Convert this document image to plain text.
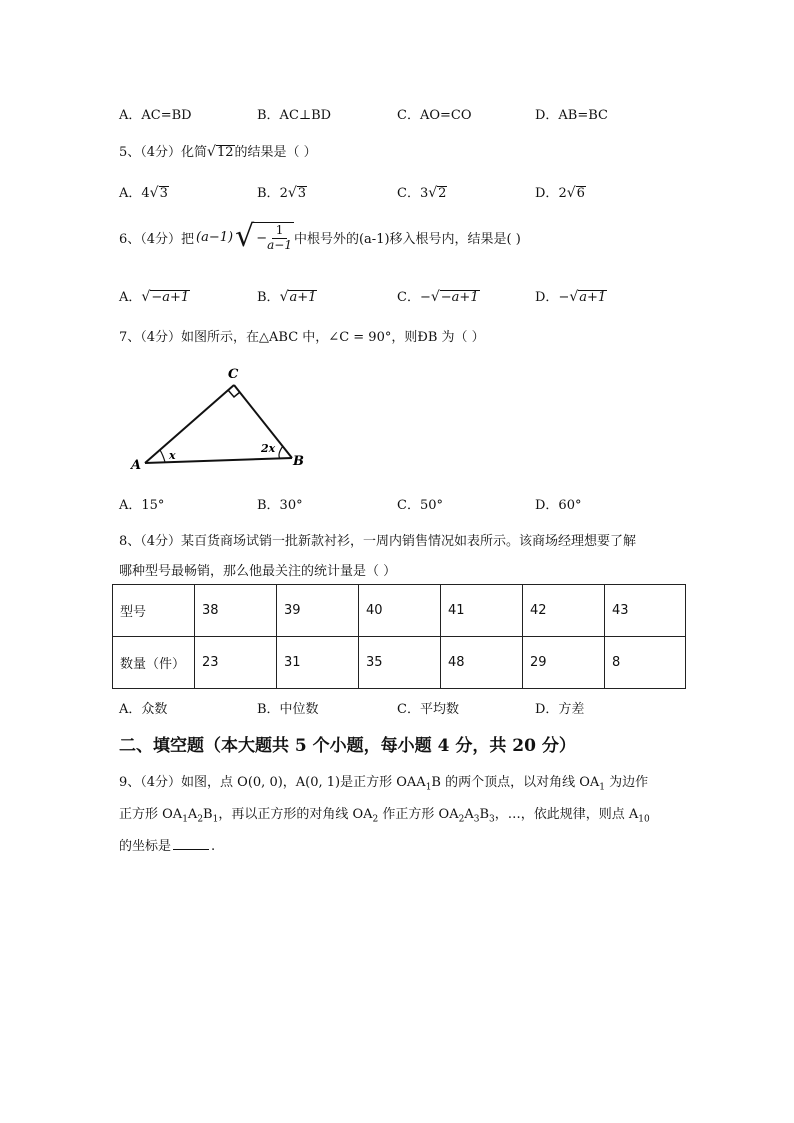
A．AC=BD	B．AC⊥BD	C．AO=CO	D．AB=BC
5、（4分）化简√12的结果是（ ）
A．4√3	B．2√3	C．3√2	D．2√6
6、（4分）把 (a−1) √ − $\frac{1}{a-1}$ 中根号外的(a-1)移入根号内，结果是( )
A．√−a+1	B．√a+1	C．−√−a+1	D．−√a+1
7、（4分）如图所示，在△ABC 中，∠C = 90°，则ÐB 为（ ）
A	B
C
x
2x
A．15°	B．30°	C．50°	D．60°
8、（4分）某百货商场试销一批新款衬衫，一周内销售情况如表所示。该商场经理想要了解
哪种型号最畅销，那么他最关注的统计量是（ ）
型号	38	39	40	41	42	43
数量（件）	23	31	35	48	29	8
A．众数	B．中位数	C．平均数	D．方差
二、填空题（本大题共 5 个小题，每小题 4 分，共 20 分）
9、（4分）如图，点 O(0, 0)，A(0, 1)是正方形 $OAA_1B$ 的两个顶点，以对角线 $OA_1$ 为边作
正方形 $OA_1A_2B_1$，再以正方形的对角线 $OA_2$ 作正方形 $OA_2A_3B_3$，…，依此规律，则点 $A_{10}$
的坐标是	.
